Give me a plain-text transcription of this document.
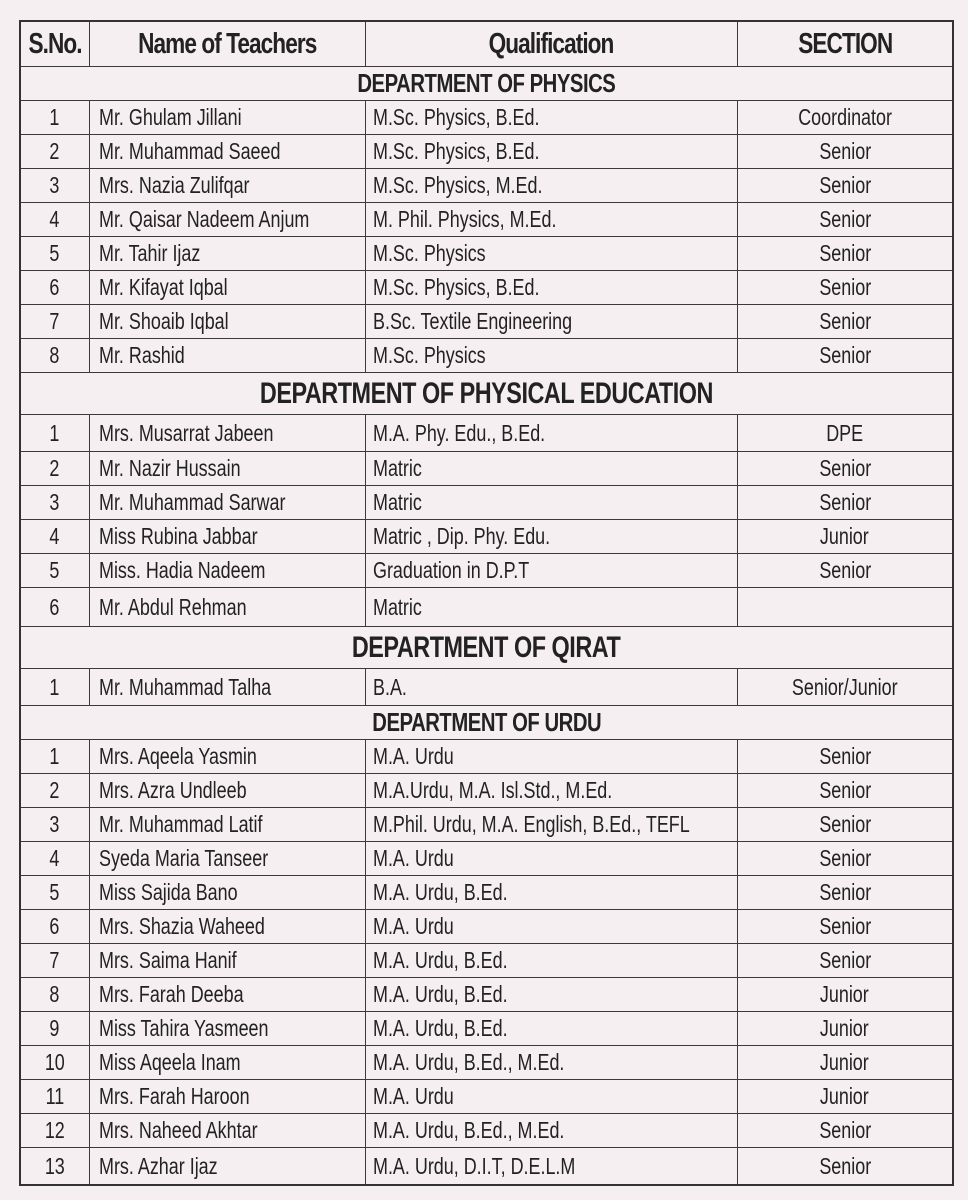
S.No.	Name of Teachers	Qualification	SECTION
DEPARTMENT OF PHYSICS			
1	Mr. Ghulam Jillani	M.Sc. Physics, B.Ed.	Coordinator
2	Mr. Muhammad Saeed	M.Sc. Physics, B.Ed.	Senior
3	Mrs. Nazia Zulifqar	M.Sc. Physics, M.Ed.	Senior
4	Mr. Qaisar Nadeem Anjum	M. Phil. Physics, M.Ed.	Senior
5	Mr. Tahir Ijaz	M.Sc. Physics	Senior
6	Mr. Kifayat Iqbal	M.Sc. Physics, B.Ed.	Senior
7	Mr. Shoaib Iqbal	B.Sc. Textile Engineering	Senior
8	Mr. Rashid	M.Sc. Physics	Senior
DEPARTMENT OF PHYSICAL EDUCATION			
1	Mrs. Musarrat Jabeen	M.A. Phy. Edu., B.Ed.	DPE
2	Mr. Nazir Hussain	Matric	Senior
3	Mr. Muhammad Sarwar	Matric	Senior
4	Miss Rubina Jabbar	Matric , Dip. Phy. Edu.	Junior
5	Miss. Hadia Nadeem	Graduation in D.P.T	Senior
6	Mr. Abdul Rehman	Matric	
DEPARTMENT OF QIRAT			
1	Mr. Muhammad Talha	B.A.	Senior/Junior
DEPARTMENT OF URDU			
1	Mrs. Aqeela Yasmin	M.A. Urdu	Senior
2	Mrs. Azra Undleeb	M.A.Urdu, M.A. Isl.Std., M.Ed.	Senior
3	Mr. Muhammad Latif	M.Phil. Urdu, M.A. English, B.Ed., TEFL	Senior
4	Syeda Maria Tanseer	M.A. Urdu	Senior
5	Miss Sajida Bano	M.A. Urdu, B.Ed.	Senior
6	Mrs. Shazia Waheed	M.A. Urdu	Senior
7	Mrs. Saima Hanif	M.A. Urdu, B.Ed.	Senior
8	Mrs. Farah Deeba	M.A. Urdu, B.Ed.	Junior
9	Miss Tahira Yasmeen	M.A. Urdu, B.Ed.	Junior
10	Miss Aqeela Inam	M.A. Urdu, B.Ed., M.Ed.	Junior
11	Mrs. Farah Haroon	M.A. Urdu	Junior
12	Mrs. Naheed Akhtar	M.A. Urdu, B.Ed., M.Ed.	Senior
13	Mrs. Azhar Ijaz	M.A. Urdu, D.I.T, D.E.L.M	Senior
